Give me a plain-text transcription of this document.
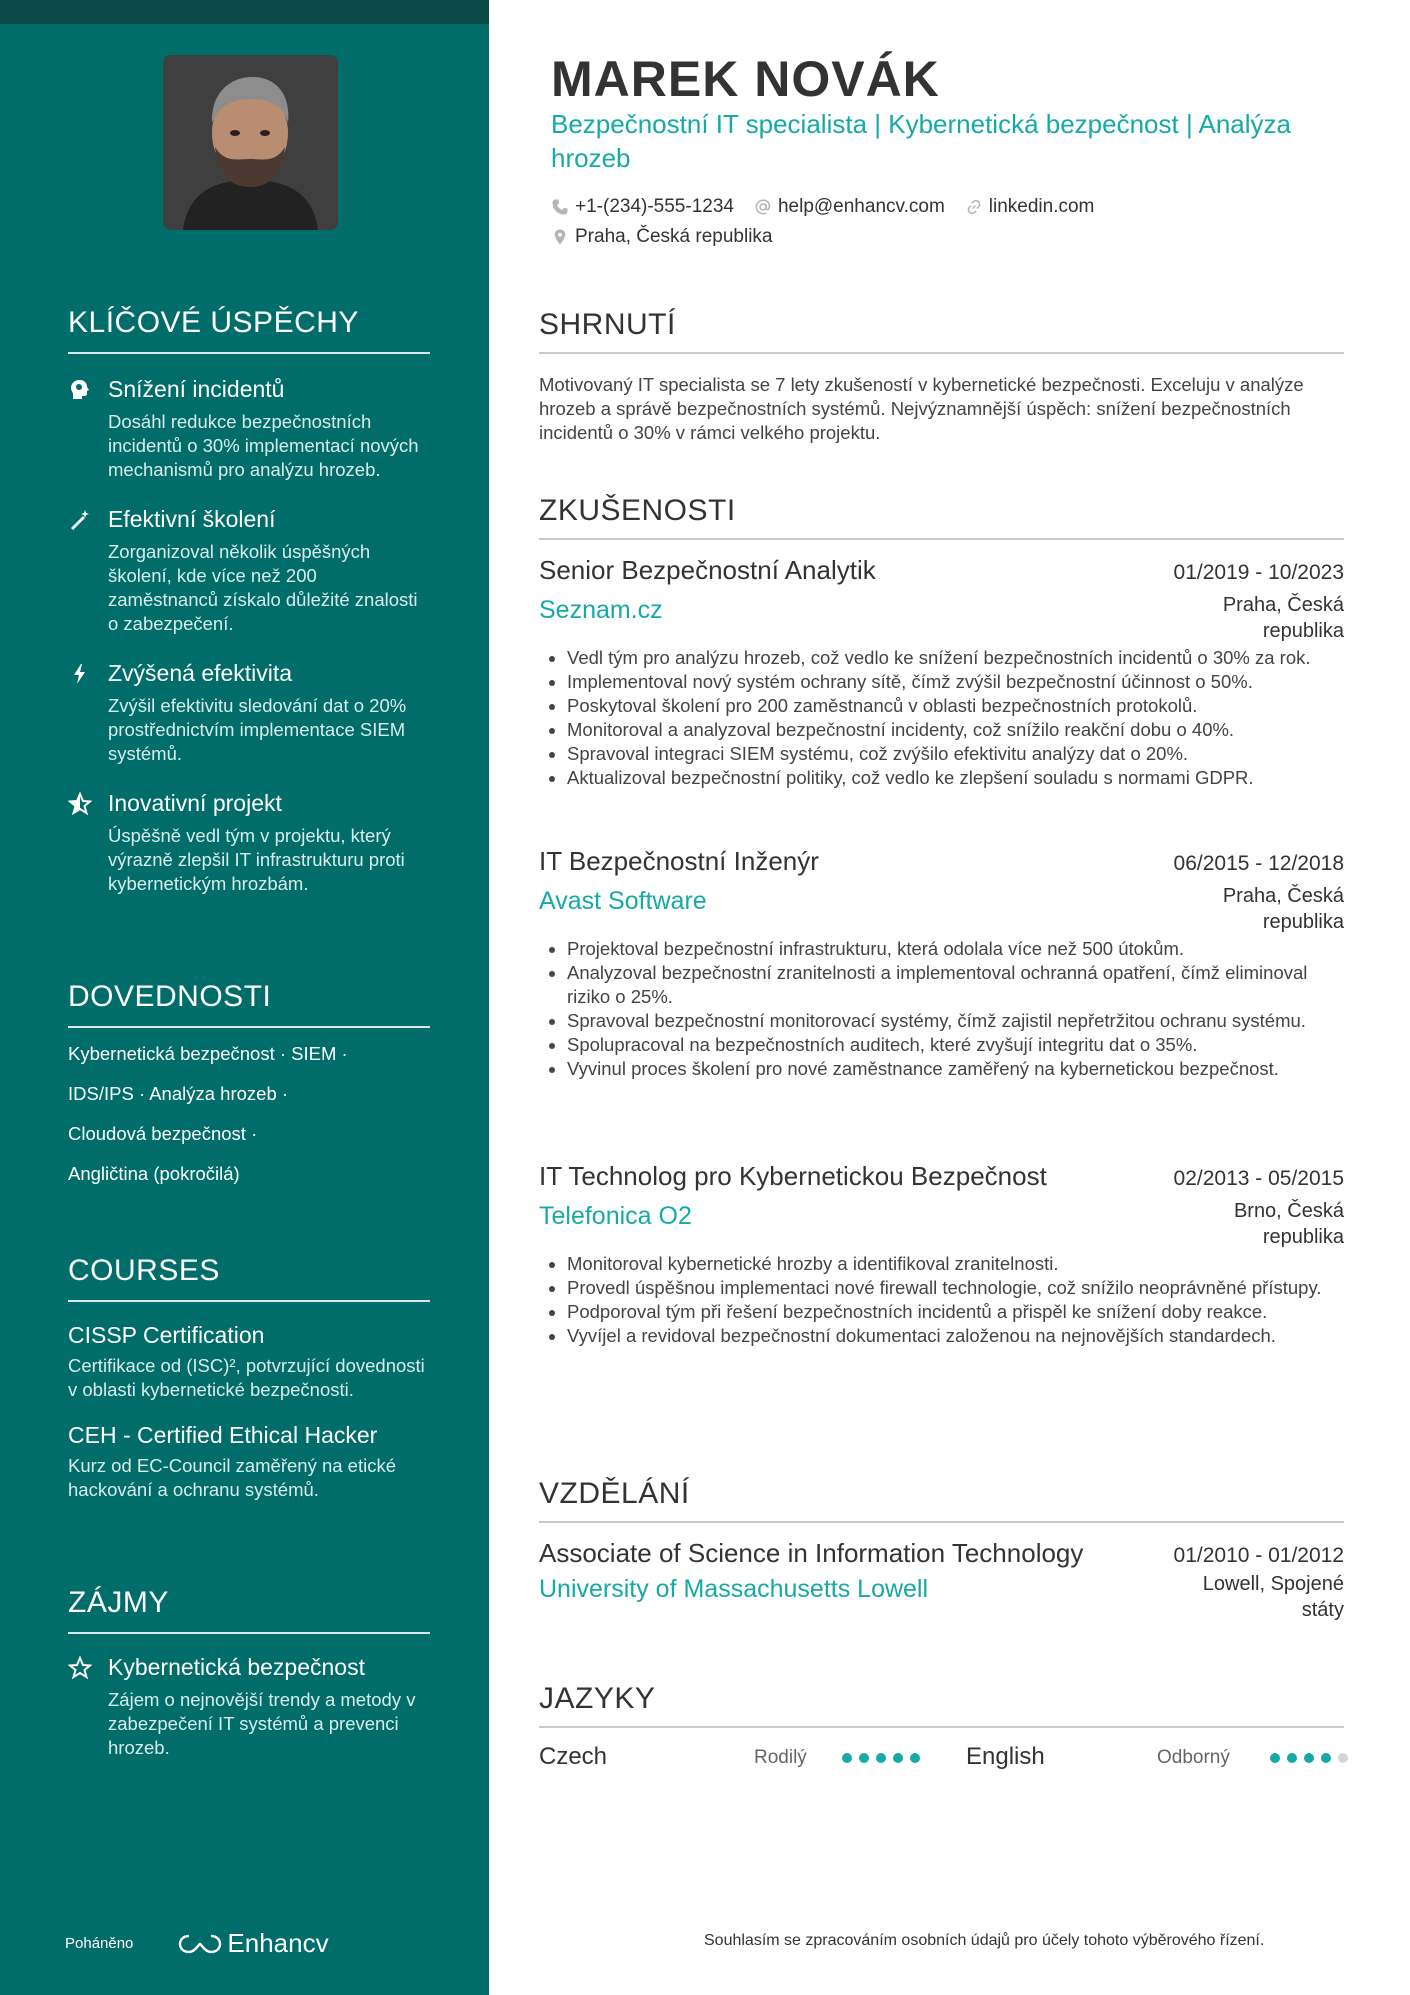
KLÍČOVÉ ÚSPĚCHY
Snížení incidentů
Dosáhl redukce bezpečnostních incidentů o 30% implementací nových mechanismů pro analýzu hrozeb.
Efektivní školení
Zorganizoval několik úspěšných školení, kde více než 200 zaměstnanců získalo důležité znalosti o zabezpečení.
Zvýšená efektivita
Zvýšil efektivitu sledování dat o 20% prostřednictvím implementace SIEM systémů.
Inovativní projekt
Úspěšně vedl tým v projektu, který výrazně zlepšil IT infrastrukturu proti kybernetickým hrozbám.
DOVEDNOSTI
Kybernetická bezpečnost · SIEM ·
IDS/IPS · Analýza hrozeb ·
Cloudová bezpečnost ·
Angličtina (pokročilá)
COURSES
CISSP Certification
Certifikace od (ISC)², potvrzující dovednosti v oblasti kybernetické bezpečnosti.
CEH - Certified Ethical Hacker
Kurz od EC-Council zaměřený na etické hackování a ochranu systémů.
ZÁJMY
Kybernetická bezpečnost
Zájem o nejnovější trendy a metody v zabezpečení IT systémů a prevenci hrozeb.
Poháněno	Enhancv
MAREK NOVÁK
Bezpečnostní IT specialista | Kybernetická bezpečnost | Analýza hrozeb
+1-(234)-555-1234 help@enhancv.com linkedin.com
Praha, Česká republika
SHRNUTÍ
Motivovaný IT specialista se 7 lety zkušeností v kybernetické bezpečnosti. Exceluju v analýze hrozeb a správě bezpečnostních systémů. Nejvýznamnější úspěch: snížení bezpečnostních incidentů o 30% v rámci velkého projektu.
ZKUŠENOSTI
Senior Bezpečnostní Analytik	01/2019 - 10/2023
Seznam.cz	Praha, Česká republika
• Vedl tým pro analýzu hrozeb, což vedlo ke snížení bezpečnostních incidentů o 30% za rok.
• Implementoval nový systém ochrany sítě, čímž zvýšil bezpečnostní účinnost o 50%.
• Poskytoval školení pro 200 zaměstnanců v oblasti bezpečnostních protokolů.
• Monitoroval a analyzoval bezpečnostní incidenty, což snížilo reakční dobu o 40%.
• Spravoval integraci SIEM systému, což zvýšilo efektivitu analýzy dat o 20%.
• Aktualizoval bezpečnostní politiky, což vedlo ke zlepšení souladu s normami GDPR.
IT Bezpečnostní Inženýr	06/2015 - 12/2018
Avast Software	Praha, Česká republika
• Projektoval bezpečnostní infrastrukturu, která odolala více než 500 útokům.
• Analyzoval bezpečnostní zranitelnosti a implementoval ochranná opatření, čímž eliminoval riziko o 25%.
• Spravoval bezpečnostní monitorovací systémy, čímž zajistil nepřetržitou ochranu systému.
• Spolupracoval na bezpečnostních auditech, které zvyšují integritu dat o 35%.
• Vyvinul proces školení pro nové zaměstnance zaměřený na kybernetickou bezpečnost.
IT Technolog pro Kybernetickou Bezpečnost	02/2013 - 05/2015
Telefonica O2	Brno, Česká republika
• Monitoroval kybernetické hrozby a identifikoval zranitelnosti.
• Provedl úspěšnou implementaci nové firewall technologie, což snížilo neoprávněné přístupy.
• Podporoval tým při řešení bezpečnostních incidentů a přispěl ke snížení doby reakce.
• Vyvíjel a revidoval bezpečnostní dokumentaci založenou na nejnovějších standardech.
VZDĚLÁNÍ
Associate of Science in Information Technology	01/2010 - 01/2012
University of Massachusetts Lowell	Lowell, Spojené státy
JAZYKY
Czech	Rodilý	English	Odborný
Souhlasím se zpracováním osobních údajů pro účely tohoto výběrového řízení.
